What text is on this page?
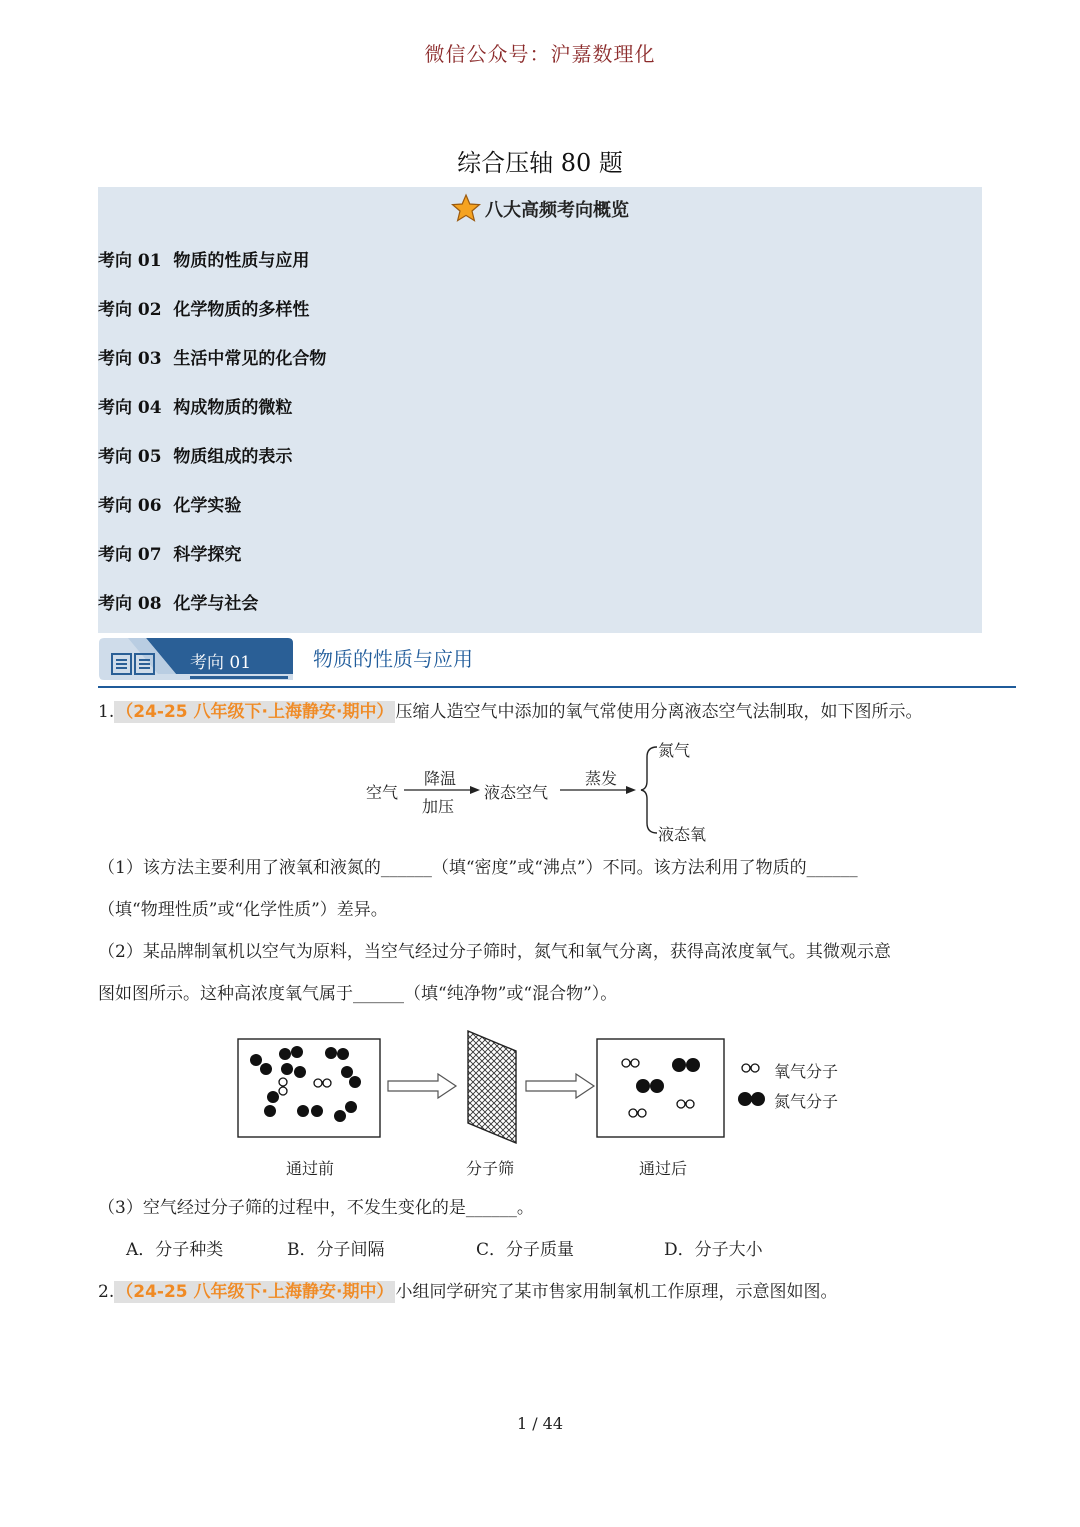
微信公众号：沪嘉数理化
综合压轴 80 题
八大高频考向概览
考向 01 物质的性质与应用
考向 02 化学物质的多样性
考向 03 生活中常见的化合物
考向 04 构成物质的微粒
考向 05 物质组成的表示
考向 06 化学实验
考向 07 科学探究
考向 08 化学与社会
考向 01	物质的性质与应用
1. （24-25 八年级下·上海静安·期中） 压缩人造空气中添加的氧气常使用分离液态空气法制取，如下图所示。
空气
降温
加压
液态空气
蒸发
氮气
液态氧
（1）该方法主要利用了液氧和液氮的______（填“密度”或“沸点”）不同。该方法利用了物质的______
（填“物理性质”或“化学性质”）差异。
（2）某品牌制氧机以空气为原料，当空气经过分子筛时，氮气和氧气分离，获得高浓度氧气。其微观示意
图如图所示。这种高浓度氧气属于______（填“纯净物”或“混合物”）。
氧气分子
氮气分子
通过前	分子筛	通过后
（3）空气经过分子筛的过程中，不发生变化的是______。
A．分子种类	B．分子间隔	C．分子质量	D．分子大小
2. （24-25 八年级下·上海静安·期中） 小组同学研究了某市售家用制氧机工作原理，示意图如图。
1 / 44
